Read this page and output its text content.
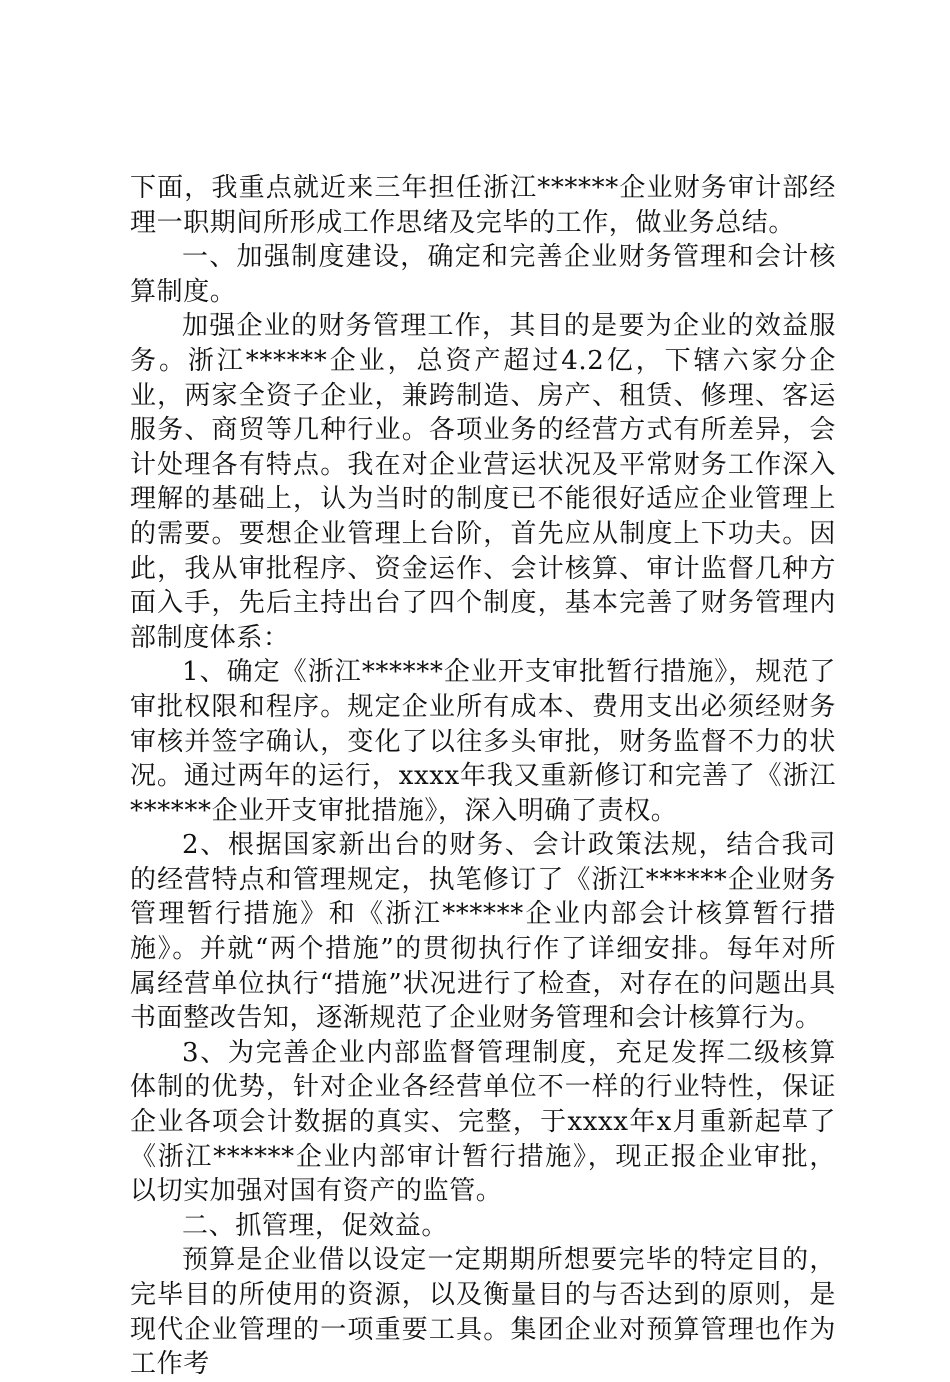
下面，我重点就近来三年担任浙江******企业财务审计部经理一职期间所形成工作思绪及完毕的工作，做业务总结。

一、加强制度建设，确定和完善企业财务管理和会计核算制度。

加强企业的财务管理工作，其目的是要为企业的效益服务。浙江******企业，总资产超过4.2亿，下辖六家分企业，两家全资子企业，兼跨制造、房产、租赁、修理、客运服务、商贸等几种行业。各项业务的经营方式有所差异，会计处理各有特点。我在对企业营运状况及平常财务工作深入理解的基础上，认为当时的制度已不能很好适应企业管理上的需要。要想企业管理上台阶，首先应从制度上下功夫。因此，我从审批程序、资金运作、会计核算、审计监督几种方面入手，先后主持出台了四个制度，基本完善了财务管理内部制度体系：

1、确定《浙江******企业开支审批暂行措施》，规范了审批权限和程序。规定企业所有成本、费用支出必须经财务审核并签字确认，变化了以往多头审批，财务监督不力的状况。通过两年的运行，xxxx年我又重新修订和完善了《浙江******企业开支审批措施》，深入明确了责权。

2、根据国家新出台的财务、会计政策法规，结合我司的经营特点和管理规定，执笔修订了《浙江******企业财务管理暂行措施》和《浙江******企业内部会计核算暂行措施》。并就“两个措施”的贯彻执行作了详细安排。每年对所属经营单位执行“措施”状况进行了检查，对存在的问题出具书面整改告知，逐渐规范了企业财务管理和会计核算行为。

3、为完善企业内部监督管理制度，充足发挥二级核算体制的优势，针对企业各经营单位不一样的行业特性，保证企业各项会计数据的真实、完整，于xxxx年x月重新起草了《浙江******企业内部审计暂行措施》，现正报企业审批，以切实加强对国有资产的监管。

二、抓管理，促效益。

预算是企业借以设定一定期期所想要完毕的特定目的，完毕目的所使用的资源，以及衡量目的与否达到的原则，是现代企业管理的一项重要工具。集团企业对预算管理也作为工作考
